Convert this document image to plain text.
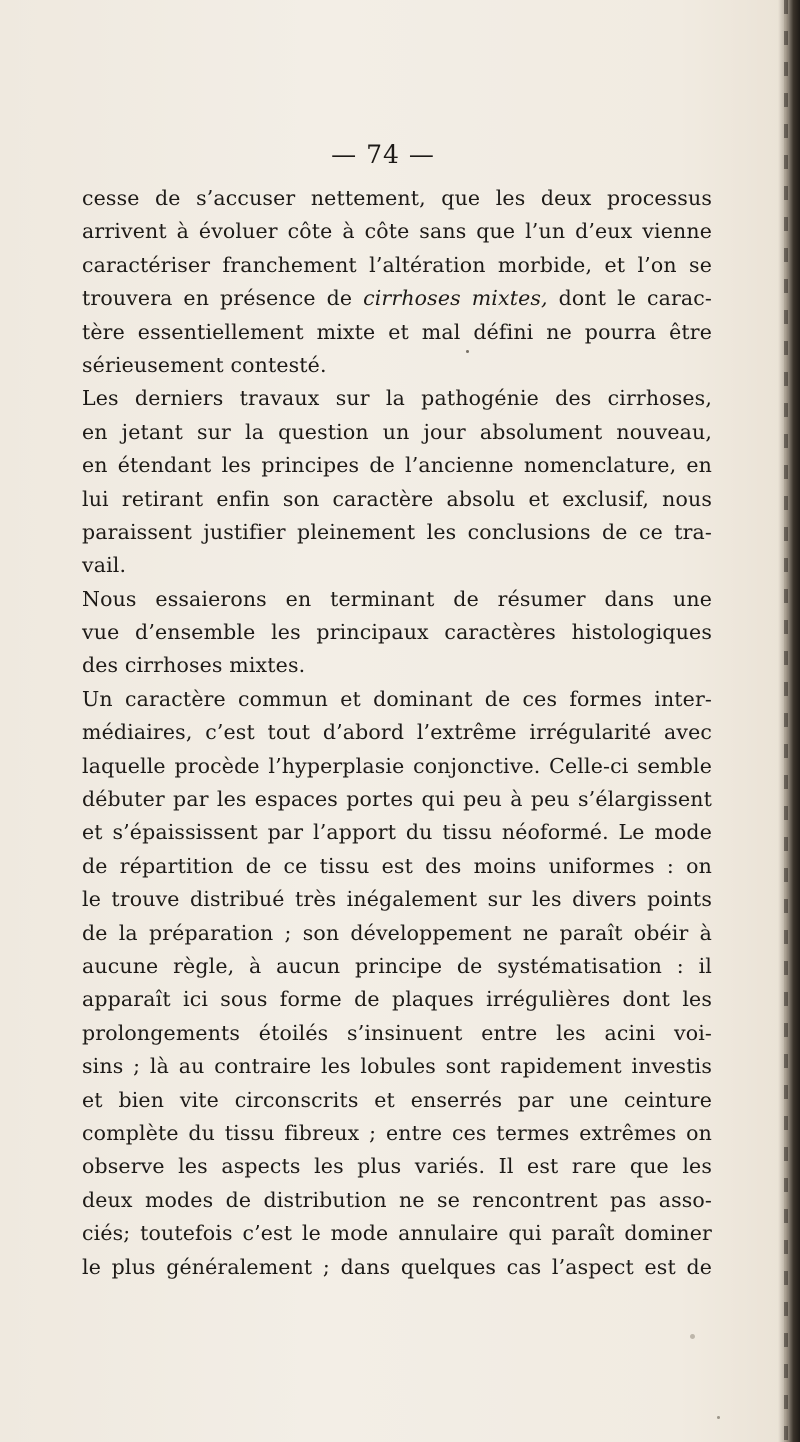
— 74 —
cesse de s’accuser nettement, que les deux processus
arrivent à évoluer côte à côte sans que l’un d’eux vienne
caractériser franchement l’altération morbide, et l’on se
trouvera en présence de cirrhoses mixtes, dont le carac-
tère essentiellement mixte et mal défini ne pourra être
sérieusement contesté.
Les derniers travaux sur la pathogénie des cirrhoses,
en jetant sur la question un jour absolument nouveau,
en étendant les principes de l’ancienne nomenclature, en
lui retirant enfin son caractère absolu et exclusif, nous
paraissent justifier pleinement les conclusions de ce tra-
vail.
Nous essaierons en terminant de résumer dans une
vue d’ensemble les principaux caractères histologiques
des cirrhoses mixtes.
Un caractère commun et dominant de ces formes inter-
médiaires, c’est tout d’abord l’extrême irrégularité avec
laquelle procède l’hyperplasie conjonctive. Celle-ci semble
débuter par les espaces portes qui peu à peu s’élargissent
et s’épaississent par l’apport du tissu néoformé. Le mode
de répartition de ce tissu est des moins uniformes : on
le trouve distribué très inégalement sur les divers points
de la préparation ; son développement ne paraît obéir à
aucune règle, à aucun principe de systématisation : il
apparaît ici sous forme de plaques irrégulières dont les
prolongements étoilés s’insinuent entre les acini voi-
sins ; là au contraire les lobules sont rapidement investis
et bien vite circonscrits et enserrés par une ceinture
complète du tissu fibreux ; entre ces termes extrêmes on
observe les aspects les plus variés. Il est rare que les
deux modes de distribution ne se rencontrent pas asso-
ciés; toutefois c’est le mode annulaire qui paraît dominer
le plus généralement ; dans quelques cas l’aspect est de
